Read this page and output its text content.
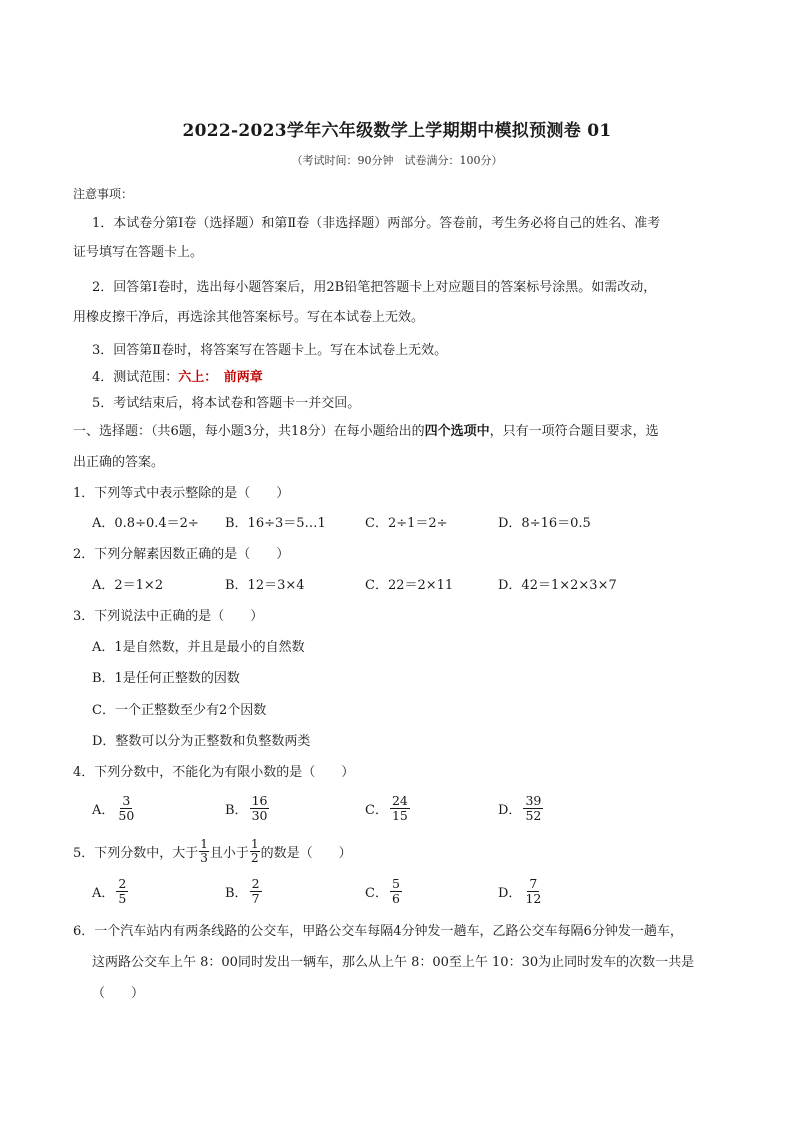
2022-2023学年六年级数学上学期期中模拟预测卷 01
（考试时间：90分钟　试卷满分：100分）
注意事项：
1．本试卷分第Ⅰ卷（选择题）和第Ⅱ卷（非选择题）两部分。答卷前，考生务必将自己的姓名、准考
证号填写在答题卡上。
2．回答第Ⅰ卷时，选出每小题答案后，用2B铅笔把答题卡上对应题目的答案标号涂黑。如需改动，
用橡皮擦干净后，再选涂其他答案标号。写在本试卷上无效。
3．回答第Ⅱ卷时，将答案写在答题卡上。写在本试卷上无效。
4．测试范围：六上：　前两章
5．考试结束后，将本试卷和答题卡一并交回。
一、选择题：（共6题，每小题3分，共18分）在每小题给出的四个选项中，只有一项符合题目要求，选
出正确的答案。
1．下列等式中表示整除的是（　　）
A．0.8÷0.4＝2÷ B．16÷3＝5…1	C．2÷1＝2÷	D．8÷16＝0.5
2．下列分解素因数正确的是（　　）
A．2＝1×2	B．12＝3×4	C．22＝2×11	D．42＝1×2×3×7
3．下列说法中正确的是（　　）
A．1是自然数，并且是最小的自然数
B．1是任何正整数的因数
C．一个正整数至少有2个因数
D．整数可以分为正整数和负整数两类
4．下列分数中，不能化为有限小数的是（　　）
A． $\frac{3}{50}$	B． $\frac{16}{30}$	C． $\frac{24}{15}$	D． $\frac{39}{52}$
5．下列分数中，大于 $\frac{1}{3}$ 且小于 $\frac{1}{2}$ 的数是（　　）
A． $\frac{2}{5}$	B． $\frac{2}{7}$	C． $\frac{5}{6}$	D． $\frac{7}{12}$
6．一个汽车站内有两条线路的公交车，甲路公交车每隔4分钟发一趟车，乙路公交车每隔6分钟发一趟车，
这两路公交车上午 8：00同时发出一辆车，那么从上午 8：00至上午 10：30为止同时发车的次数一共是
（　　）
